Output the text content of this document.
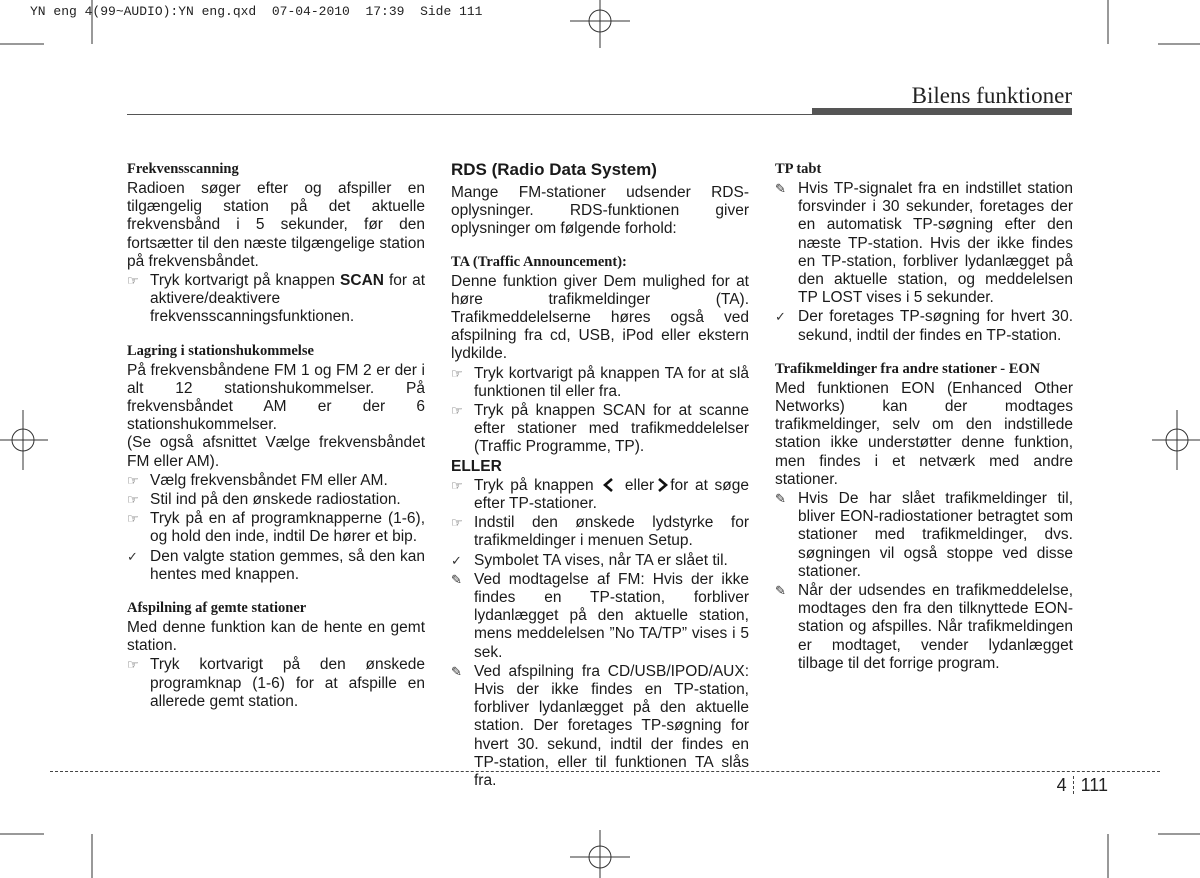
YN eng 4(99~AUDIO):YN eng.qxd  07-04-2010  17:39  Side 111
Bilens funktioner
Frekvensscanning

Radioen søger efter og afspiller en tilgængelig station på det aktuelle frekvensbånd i 5 sekunder, før den fortsætter til den næste tilgængelige station på frekvensbåndet.

☞ Tryk kortvarigt på knappen SCAN for at aktivere/deaktivere frekvensscanningsfunktionen.
Lagring i stationshukommelse

På frekvensbåndene FM 1 og FM 2 er der i alt 12 stationshukommelser. På frekvensbåndet AM er der 6 stationshukommelser.

(Se også afsnittet Vælge frekvensbåndet FM eller AM).

☞ Vælg frekvensbåndet FM eller AM.
☞ Stil ind på den ønskede radiostation.
☞ Tryk på en af programknapperne (1-6), og hold den inde, indtil De hører et bip.
✓ Den valgte station gemmes, så den kan hentes med knappen.
Afspilning af gemte stationer

Med denne funktion kan de hente en gemt station.

☞ Tryk kortvarigt på den ønskede programknap (1-6) for at afspille en allerede gemt station.
RDS (Radio Data System)

Mange FM-stationer udsender RDS-oplysninger. RDS-funktionen giver oplysninger om følgende forhold:

TA (Traffic Announcement):

Denne funktion giver Dem mulighed for at høre trafikmeldinger (TA). Trafikmeddelelserne høres også ved afspilning fra cd, USB, iPod eller ekstern lydkilde.

☞ Tryk kortvarigt på knappen TA for at slå funktionen til eller fra.
☞ Tryk på knappen SCAN for at scanne efter stationer med trafikmeddelelser (Traffic Programme, TP).
ELLER
☞ Tryk på knappen  eller for at søge efter TP-stationer.
☞ Indstil den ønskede lydstyrke for trafikmeldinger i menuen Setup.
✓ Symbolet TA vises, når TA er slået til.
✎ Ved modtagelse af FM: Hvis der ikke findes en TP-station, forbliver lydanlægget på den aktuelle station, mens meddelelsen ”No TA/TP” vises i 5 sek.
✎ Ved afspilning fra CD/USB/IPOD/AUX: Hvis der ikke findes en TP-station, forbliver lydanlægget på den aktuelle station. Der foretages TP-søgning for hvert 30. sekund, indtil der findes en TP-station, eller til funktionen TA slås fra.
TP tabt
✎ Hvis TP-signalet fra en indstillet station forsvinder i 30 sekunder, foretages der en automatisk TP-søgning efter den næste TP-station. Hvis der ikke findes en TP-station, forbliver lydanlægget på den aktuelle station, og meddelelsen TP LOST vises i 5 sekunder.
✓ Der foretages TP-søgning for hvert 30. sekund, indtil der findes en TP-station.
Trafikmeldinger fra andre stationer - EON

Med funktionen EON (Enhanced Other Networks) kan der modtages trafikmeldinger, selv om den indstillede station ikke understøtter denne funktion, men findes i et netværk med andre stationer.

✎ Hvis De har slået trafikmeldinger til, bliver EON-radiostationer betragtet som stationer med trafikmeldinger, dvs. søgningen vil også stoppe ved disse stationer.
✎ Når der udsendes en trafikmeddelelse, modtages den fra den tilknyttede EON-station og afspilles. Når trafikmeldingen er modtaget, vender lydanlægget tilbage til det forrige program.
4 111
